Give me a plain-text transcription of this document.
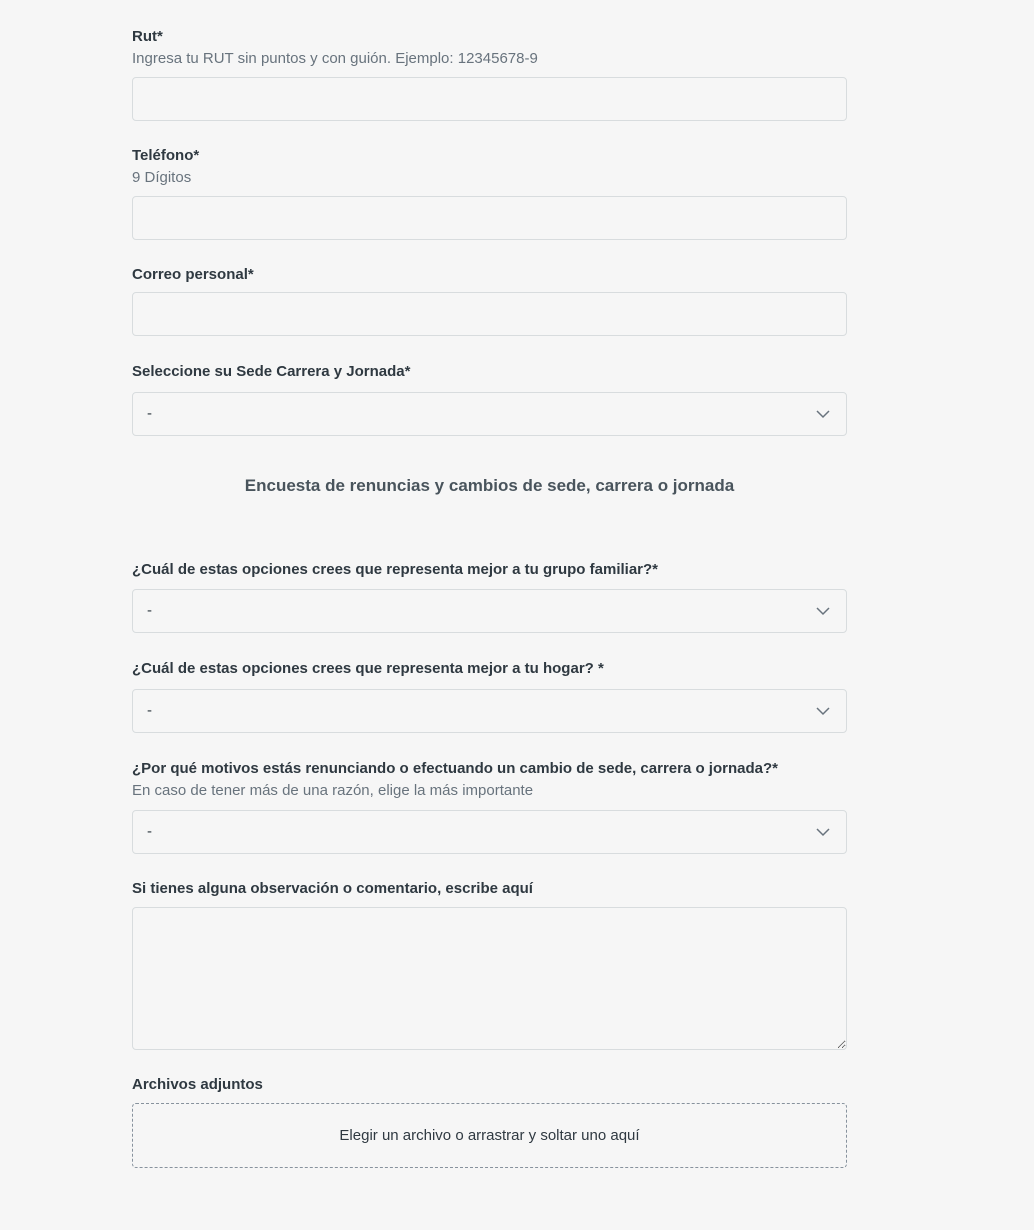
Rut*
Ingresa tu RUT sin puntos y con guión. Ejemplo: 12345678-9
Teléfono*
9 Dígitos
Correo personal*
Seleccione su Sede Carrera y Jornada*
-
Encuesta de renuncias y cambios de sede, carrera o jornada
¿Cuál de estas opciones crees que representa mejor a tu grupo familiar?*
-
¿Cuál de estas opciones crees que representa mejor a tu hogar? *
-
¿Por qué motivos estás renunciando o efectuando un cambio de sede, carrera o jornada?*
En caso de tener más de una razón, elige la más importante
-
Si tienes alguna observación o comentario, escribe aquí
Archivos adjuntos
Elegir un archivo o arrastrar y soltar uno aquí
